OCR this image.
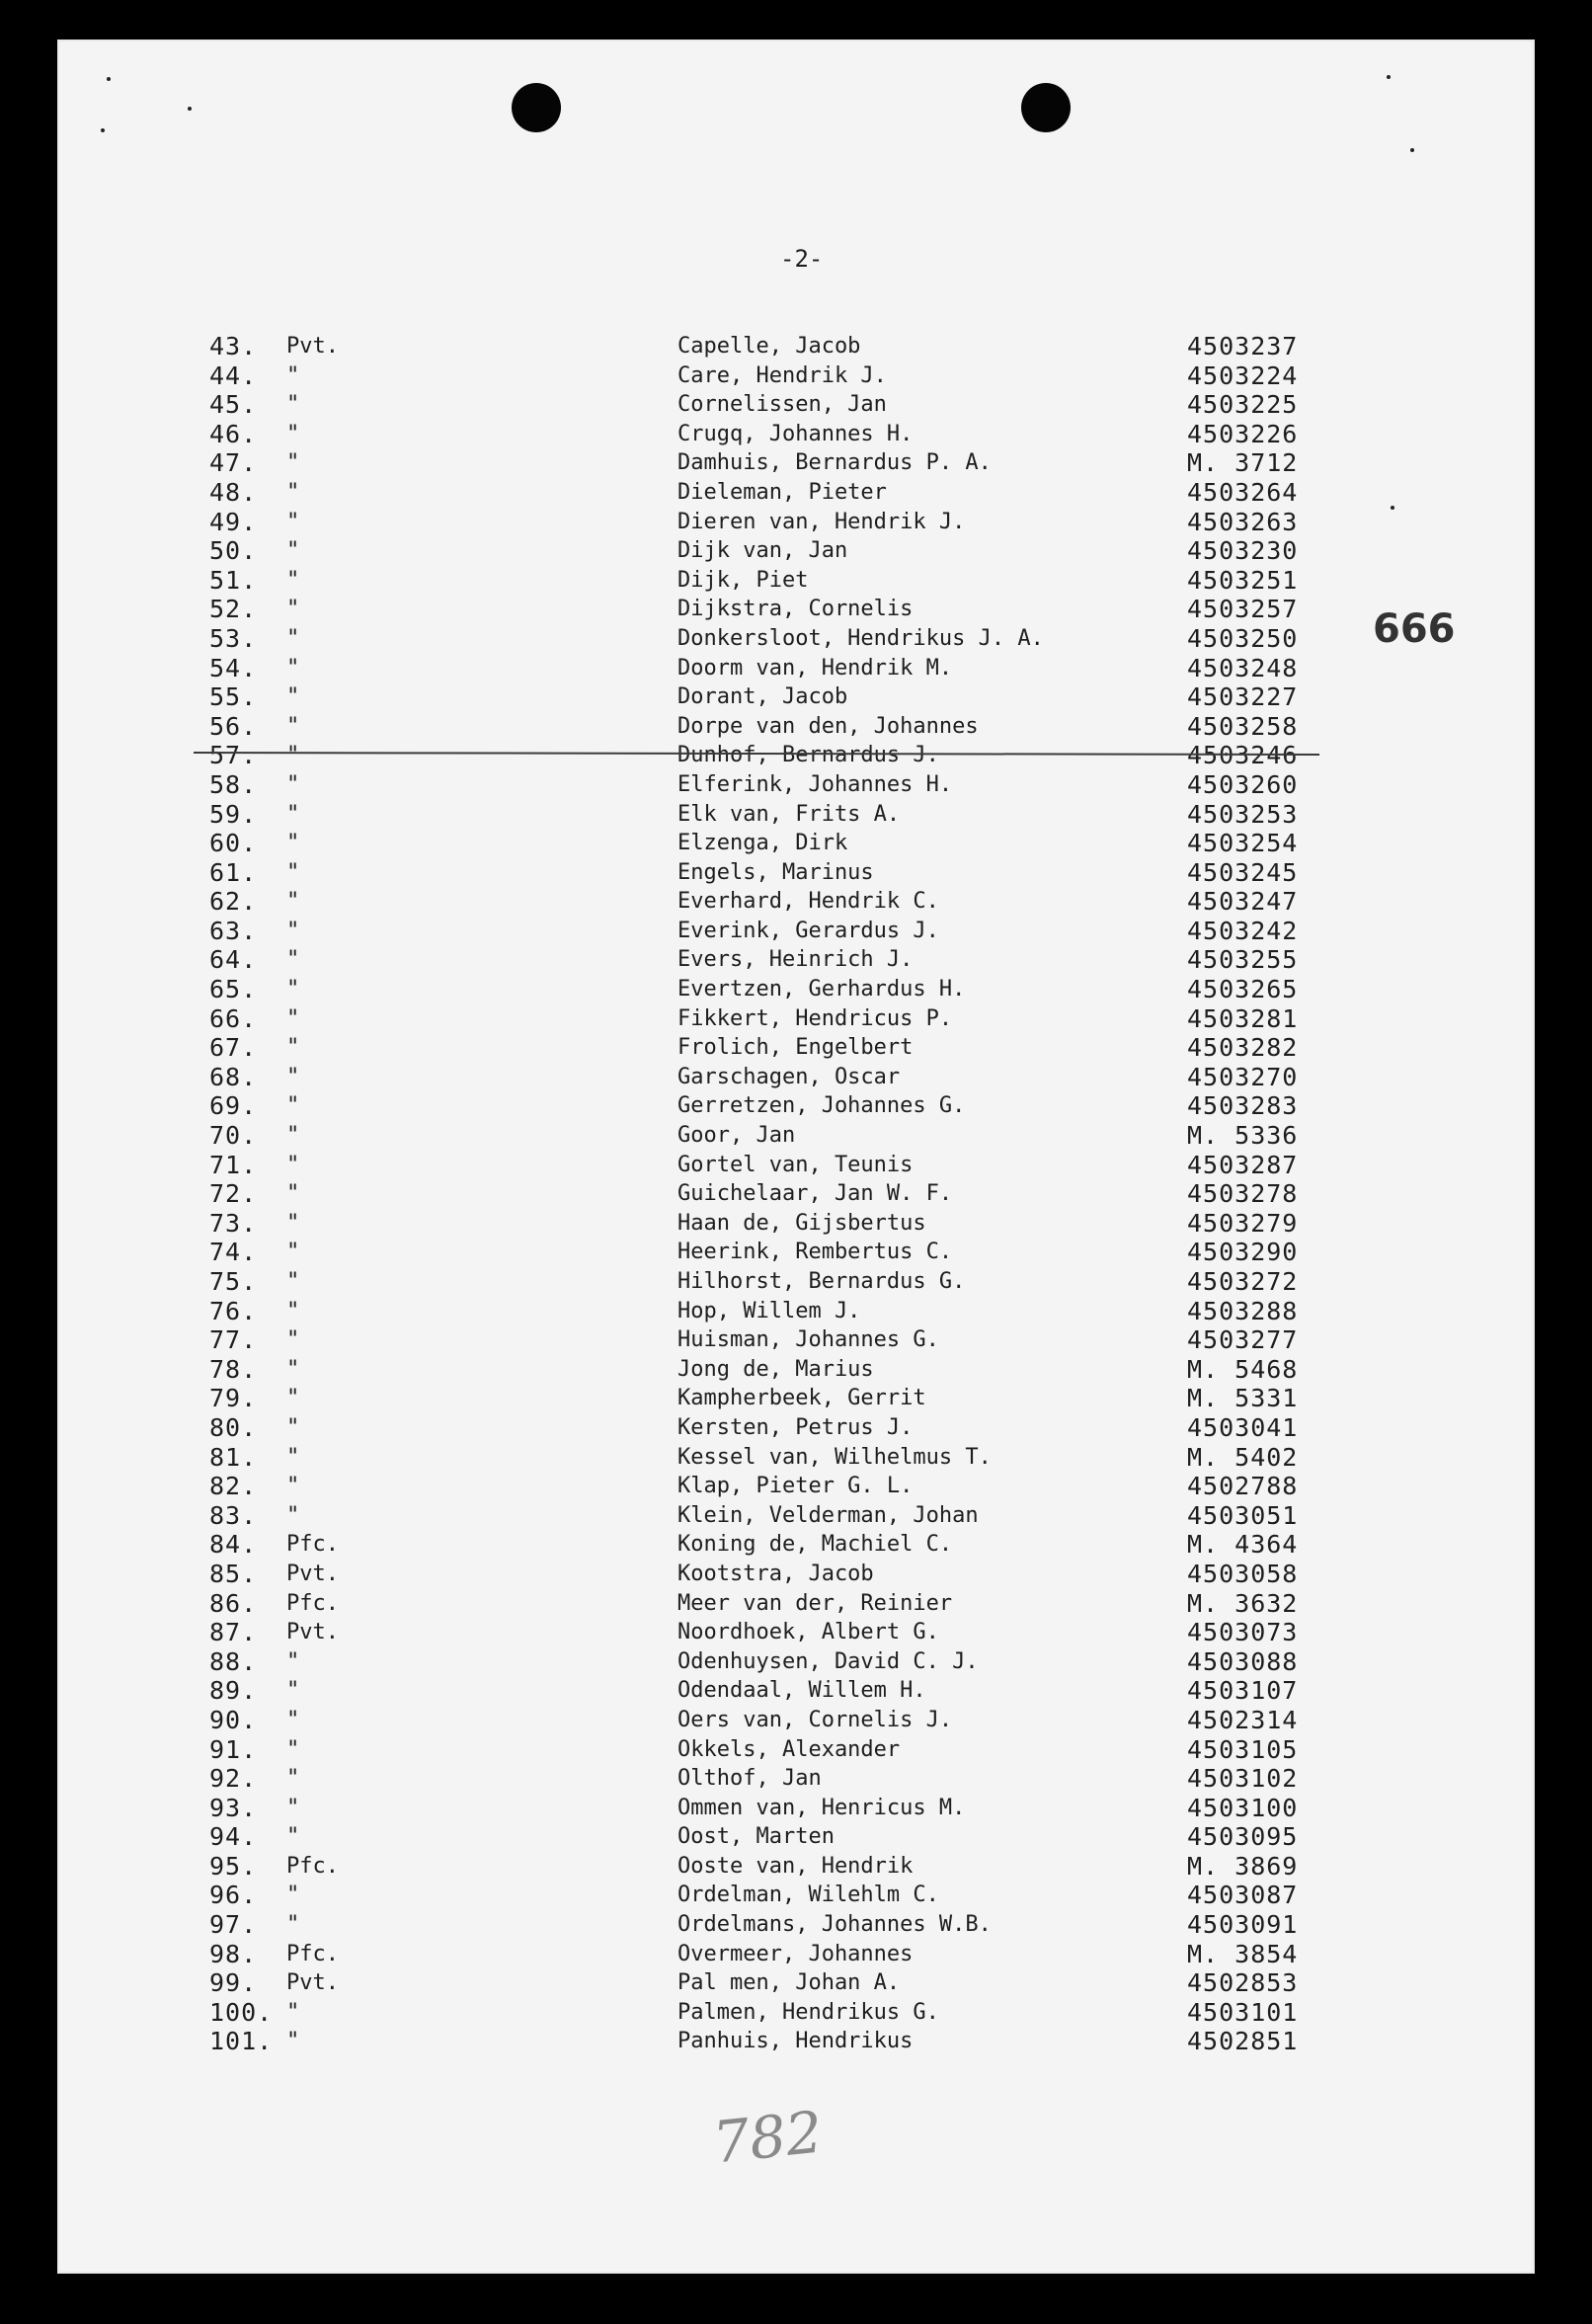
-2-
666
43. Pvt.	Capelle, Jacob	4503237
44. "	Care, Hendrik J.	4503224
45. "	Cornelissen, Jan	4503225
46. "	Crugq, Johannes H.	4503226
47. "	Damhuis, Bernardus P. A.	M. 3712
48. "	Dieleman, Pieter	4503264
49. "	Dieren van, Hendrik J.	4503263
50. "	Dijk van, Jan	4503230
51. "	Dijk, Piet	4503251
52. "	Dijkstra, Cornelis	4503257
53. "	Donkersloot, Hendrikus J. A.	4503250
54. "	Doorm van, Hendrik M.	4503248
55. "	Dorant, Jacob	4503227
56. "	Dorpe van den, Johannes	4503258
57. "	Dunhof, Bernardus J.	4503246
58. "	Elferink, Johannes H.	4503260
59. "	Elk van, Frits A.	4503253
60. "	Elzenga, Dirk	4503254
61. "	Engels, Marinus	4503245
62. "	Everhard, Hendrik C.	4503247
63. "	Everink, Gerardus J.	4503242
64. "	Evers, Heinrich J.	4503255
65. "	Evertzen, Gerhardus H.	4503265
66. "	Fikkert, Hendricus P.	4503281
67. "	Frolich, Engelbert	4503282
68. "	Garschagen, Oscar	4503270
69. "	Gerretzen, Johannes G.	4503283
70. "	Goor, Jan	M. 5336
71. "	Gortel van, Teunis	4503287
72. "	Guichelaar, Jan W. F.	4503278
73. "	Haan de, Gijsbertus	4503279
74. "	Heerink, Rembertus C.	4503290
75. "	Hilhorst, Bernardus G.	4503272
76. "	Hop, Willem J.	4503288
77. "	Huisman, Johannes G.	4503277
78. "	Jong de, Marius	M. 5468
79. "	Kampherbeek, Gerrit	M. 5331
80. "	Kersten, Petrus J.	4503041
81. "	Kessel van, Wilhelmus T.	M. 5402
82. "	Klap, Pieter G. L.	4502788
83. "	Klein, Velderman, Johan	4503051
84. Pfc.	Koning de, Machiel C.	M. 4364
85. Pvt.	Kootstra, Jacob	4503058
86. Pfc.	Meer van der, Reinier	M. 3632
87. Pvt.	Noordhoek, Albert G.	4503073
88. "	Odenhuysen, David C. J.	4503088
89. "	Odendaal, Willem H.	4503107
90. "	Oers van, Cornelis J.	4502314
91. "	Okkels, Alexander	4503105
92. "	Olthof, Jan	4503102
93. "	Ommen van, Henricus M.	4503100
94. "	Oost, Marten	4503095
95. Pfc.	Ooste van, Hendrik	M. 3869
96. "	Ordelman, Wilehlm C.	4503087
97. "	Ordelmans, Johannes W.B.	4503091
98. Pfc.	Overmeer, Johannes	M. 3854
99. Pvt.	Pal men, Johan A.	4502853
100. "	Palmen, Hendrikus G.	4503101
101. "	Panhuis, Hendrikus	4502851
782
